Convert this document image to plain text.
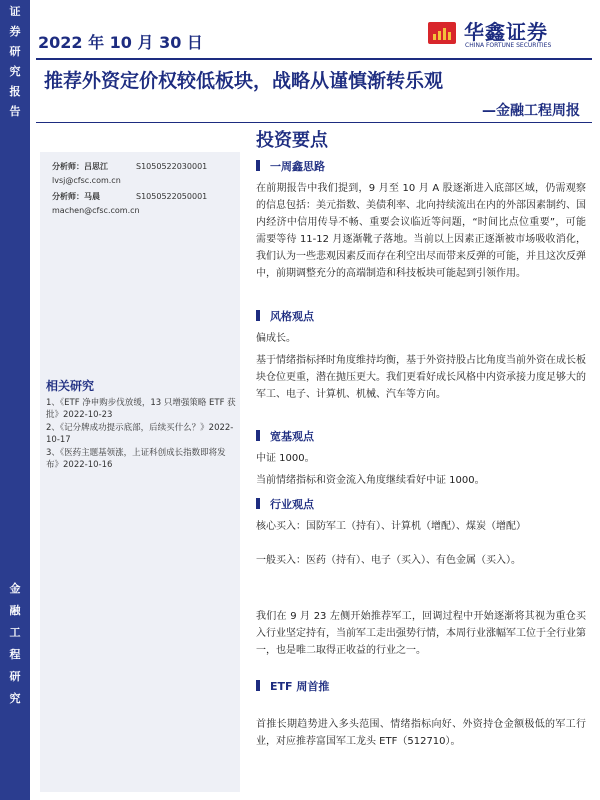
证
券
研
究
报
告
金
融
工
程
研
究
2022 年 10 月 30 日	华鑫证券
CHINA FORTUNE SECURITIES
推荐外资定价权较低板块，战略从谨慎渐转乐观
—金融工程周报
投资要点
分析师：吕思江	S1050522030001
lvsj@cfsc.com.cn
分析师：马晨	S1050522050001
machen@cfsc.com.cn
相关研究
1、《ETF 净申购步伐放缓，13 只增强策略 ETF 获批》2022-10-23
2、《记分牌成功提示底部，后续买什么？》2022-10-17
3、《医药主题基领涨，上证科创成长指数即将发布》2022-10-16
一周鑫思路
在前期报告中我们提到，9 月至 10 月 A 股逐渐进入底部区域，仍需观察的信息包括：美元指数、美债利率、北向持续流出在内的外部因素制约、国内经济中信用传导不畅、重要会议临近等问题，“时间比点位重要”，可能需要等待 11-12 月逐渐靴子落地。当前以上因素正逐渐被市场吸收消化，我们认为一些悲观因素反而存在利空出尽而带来反弹的可能，并且这次反弹中，前期调整充分的高端制造和科技板块可能起到引领作用。
风格观点
偏成长。
基于情绪指标择时角度维持均衡，基于外资持股占比角度当前外资在成长板块仓位更重，潜在抛压更大。我们更看好成长风格中内资承接力度足够大的军工、电子、计算机、机械、汽车等方向。
宽基观点
中证 1000。
当前情绪指标和资金流入角度继续看好中证 1000。
行业观点
核心买入：国防军工（持有）、计算机（增配）、煤炭（增配）
一般买入：医药（持有）、电子（买入）、有色金属（买入）。
我们在 9 月 23 左侧开始推荐军工，回调过程中开始逐渐将其视为重仓买入行业坚定持有，当前军工走出强势行情，本周行业涨幅军工位于全行业第一，也是唯二取得正收益的行业之一。
ETF 周首推
首推长期趋势进入多头范围、情绪指标向好、外资持仓金额极低的军工行业，对应推荐富国军工龙头 ETF（512710）。
